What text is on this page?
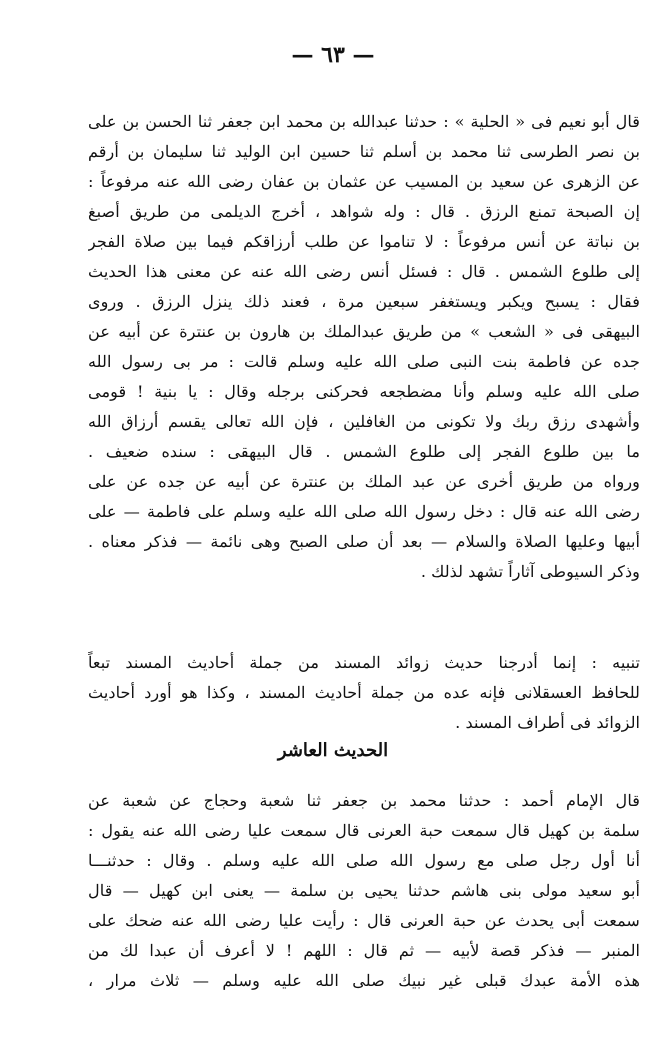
— ٦٣ —
قال أبو نعيم فى « الحلية » : حدثنا عبدالله بن محمد ابن جعفر ثنا الحسن بن على
بن نصر الطرسى ثنا محمد بن أسلم ثنا حسين ابن الوليد ثنا سليمان بن أرقم
عن الزهرى عن سعيد بن المسيب عن عثمان بن عفان رضى الله عنه مرفوعاً :
إن الصبحة تمنع الرزق . قال : وله شواهد ، أخرج الديلمى من طريق أصبغ
بن نباتة عن أنس مرفوعاً : لا تناموا عن طلب أرزاقكم فيما بين صلاة الفجر
إلى طلوع الشمس . قال : فسئل أنس رضى الله عنه عن معنى هذا الحديث
فقال : يسبح ويكبر ويستغفر سبعين مرة ، فعند ذلك ينزل الرزق . وروى
البيهقى فى « الشعب » من طريق عبدالملك بن هارون بن عنترة عن أبيه عن
جده عن فاطمة بنت النبى صلى الله عليه وسلم قالت : مر بى رسول الله
صلى الله عليه وسلم وأنا مضطجعه فحركنى برجله وقال : يا بنية ! قومى
وأشهدى رزق ربك ولا تكونى من الغافلين ، فإن الله تعالى يقسم أرزاق الله
ما بين طلوع الفجر إلى طلوع الشمس . قال البيهقى : سنده ضعيف .
ورواه من طريق أخرى عن عبد الملك بن عنترة عن أبيه عن جده عن على
رضى الله عنه قال : دخل رسول الله صلى الله عليه وسلم على فاطمة — على
أبيها وعليها الصلاة والسلام — بعد أن صلى الصبح وهى نائمة — فذكر معناه .
وذكر السيوطى آثاراً تشهد لذلك .
تنبيه : إنما أدرجنا حديث زوائد المسند من جملة أحاديث المسند تبعاً
للحافظ العسقلانى فإنه عده من جملة أحاديث المسند ، وكذا هو أورد أحاديث
الزوائد فى أطراف المسند .
الحديث العاشر
قال الإمام أحمد : حدثنا محمد بن جعفر ثنا شعبة وحجاج عن شعبة عن
سلمة بن كهيل قال سمعت حبة العرنى قال سمعت عليا رضى الله عنه يقول :
أنا أول رجل صلى مع رسول الله صلى الله عليه وسلم . وقال : حدثنـــا
أبو سعيد مولى بنى هاشم حدثنا يحيى بن سلمة — يعنى ابن كهيل — قال
سمعت أبى يحدث عن حبة العرنى قال : رأيت عليا رضى الله عنه ضحك على
المنبر — فذكر قصة لأبيه — ثم قال : اللهم ! لا أعرف أن عبدا لك من
هذه الأمة عبدك قبلى غير نبيك صلى الله عليه وسلم — ثلاث مرار ،
